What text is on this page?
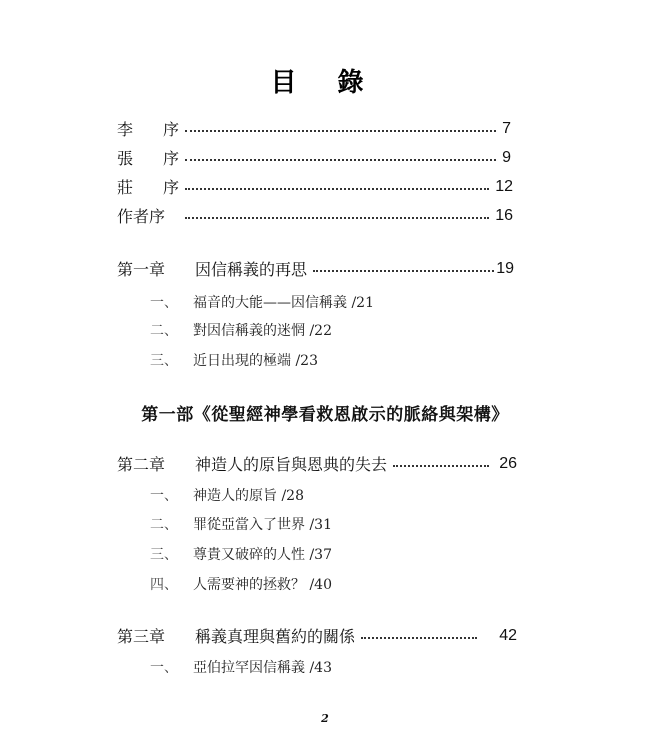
目 錄
李 序	7
張 序	9
莊 序	12
作者序	16
第一章	因信稱義的再思	19
一、	福音的大能——因信稱義 /21
二、	對因信稱義的迷惘 /22
三、	近日出現的極端 /23
第一部《從聖經神學看救恩啟示的脈絡與架構》
第二章	神造人的原旨與恩典的失去	26
一、	神造人的原旨 /28
二、	罪從亞當入了世界 /31
三、	尊貴又破碎的人性 /37
四、	人需要神的拯救？ /40
第三章	稱義真理與舊約的關係	42
一、	亞伯拉罕因信稱義 /43
2
